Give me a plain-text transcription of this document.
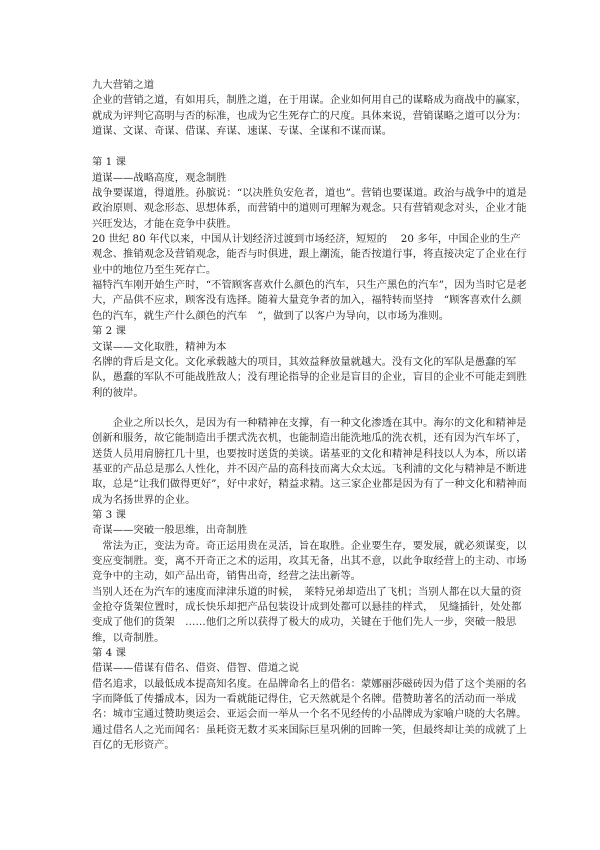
九大营销之道

企业的营销之道，有如用兵，制胜之道，在于用谋。企业如何用自己的谋略成为商战中的赢家，就成为评判它高明与否的标准，也成为它生死存亡的尺度。具体来说，营销谋略之道可以分为：道谋、文谋、奇谋、借谋、弃谋、速谋、专谋、全谋和不谋而谋。

第 1 课

道谋——战略高度，观念制胜

战争要谋道，得道胜。孙膑说：“以决胜负安危者，道也”。营销也要谋道。政治与战争中的道是政治原则、观念形态、思想体系，而营销中的道则可理解为观念。只有营销观念对头，企业才能兴旺发达，才能在竞争中获胜。

20 世纪 80 年代以来，中国从计划经济过渡到市场经济，短短的　 20 多年，中国企业的生产观念、推销观念及营销观念，能否与时俱进，跟上潮流，能否按道行事，将直接决定了企业在行业中的地位乃至生死存亡。

福特汽车刚开始生产时，“不管顾客喜欢什么颜色的汽车，只生产黑色的汽车”，因为当时它是老大，产品供不应求，顾客没有选择。随着大量竞争者的加入，福特转而坚持　“顾客喜欢什么颜色的汽车，就生产什么颜色的汽车　”，做到了以客户为导向，以市场为准则。

第 2 课

文谋——文化取胜，精神为本

名牌的背后是文化。文化承载越大的项目，其效益释放量就越大。没有文化的军队是愚蠢的军队，愚蠢的军队不可能战胜敌人；没有理论指导的企业是盲目的企业，盲目的企业不可能走到胜利的彼岸。

　　企业之所以长久，是因为有一种精神在支撑，有一种文化渗透在其中。海尔的文化和精神是创新和服务，故它能制造出手摆式洗衣机，也能制造出能洗地瓜的洗衣机，还有因为汽车坏了，送货人员用肩膀扛几十里，也要按时送货的美谈。诺基亚的文化和精神是科技以人为本，所以诺基亚的产品总是那么人性化，并不因产品的高科技而离大众太远。飞利浦的文化与精神是不断进取，总是“让我们做得更好”，好中求好，精益求精。这三家企业都是因为有了一种文化和精神而成为名扬世界的企业。

第 3 课

奇谋——突破一般思维，出奇制胜

　常法为正，变法为奇。奇正运用贵在灵活，旨在取胜。企业要生存，要发展，就必须谋变，以变应变制胜。变，离不开奇正之术的运用，攻其无备，出其不意，以此争取经营上的主动、市场竞争中的主动，如产品出奇，销售出奇，经营之法出新等。

当别人还在为汽车的速度而津津乐道的时候，　莱特兄弟却造出了飞机；当别人都在以大量的资金抢夺货架位置时，成长快乐却把产品包装设计成到处都可以悬挂的样式，　见缝插针，处处都变成了他们的货架　……他们之所以获得了极大的成功，关键在于他们先人一步，突破一般思维，以奇制胜。

第 4 课

借谋——借谋有借名、借资、借智、借道之说

借名追求，以最低成本提高知名度。在品牌命名上的借名：蒙娜丽莎磁砖因为借了这个美丽的名字而降低了传播成本，因为一看就能记得住，它天然就是个名牌。借赞助著名的活动而一举成名：城市宝通过赞助奥运会、亚运会而一举从一个名不见经传的小品牌成为家喻户晓的大名牌。通过借名人之光而闻名：虽耗资无数才买来国际巨星巩俐的回眸一笑，但最终却让美的成就了上百亿的无形资产。
